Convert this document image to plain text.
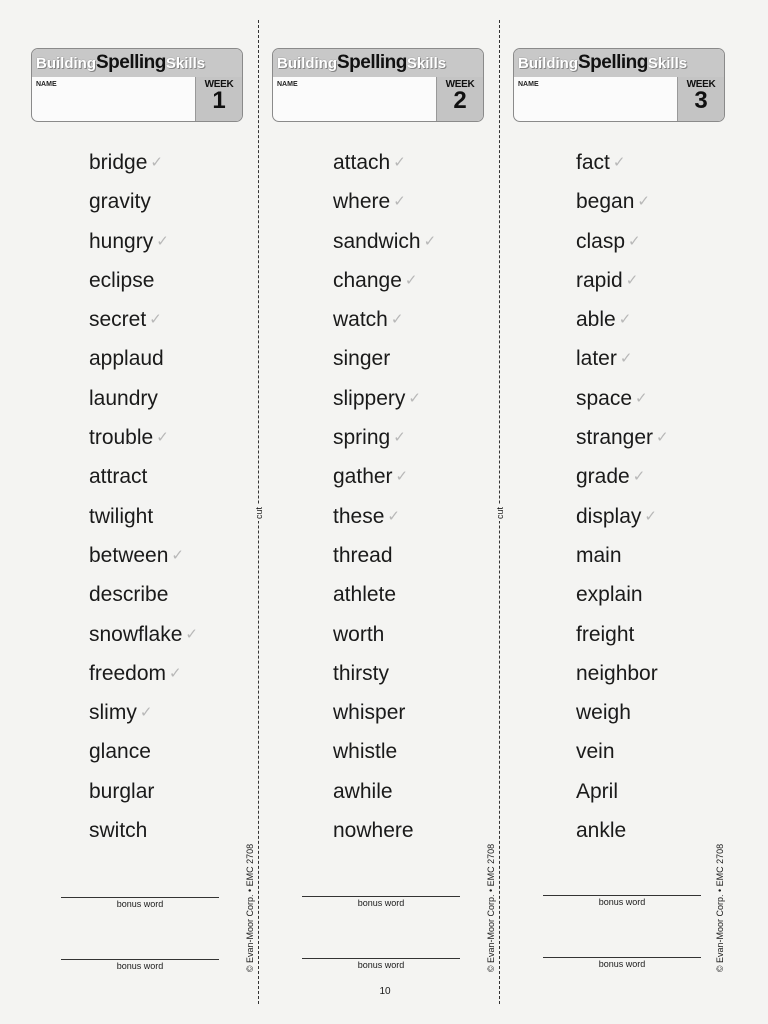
cut	cut
© Evan-Moor Corp. • EMC 2708	© Evan-Moor Corp. • EMC 2708	© Evan-Moor Corp. • EMC 2708
BuildingSpellingSkills
NAME	WEEK
1
bridge ✓
gravity
hungry ✓
eclipse
secret ✓
applaud
laundry
trouble ✓
attract
twilight
between ✓
describe
snowflake ✓
freedom ✓
slimy ✓
glance
burglar
switch
bonus word
bonus word
BuildingSpellingSkills
NAME	WEEK
2
attach ✓
where ✓
sandwich ✓
change ✓
watch ✓
singer
slippery ✓
spring ✓
gather ✓
these ✓
thread
athlete
worth
thirsty
whisper
whistle
awhile
nowhere
bonus word
bonus word
BuildingSpellingSkills
NAME	WEEK
3
fact ✓
began ✓
clasp ✓
rapid ✓
able ✓
later ✓
space ✓
stranger ✓
grade ✓
display ✓
main
explain
freight
neighbor
weigh
vein
April
ankle
bonus word
bonus word
10
